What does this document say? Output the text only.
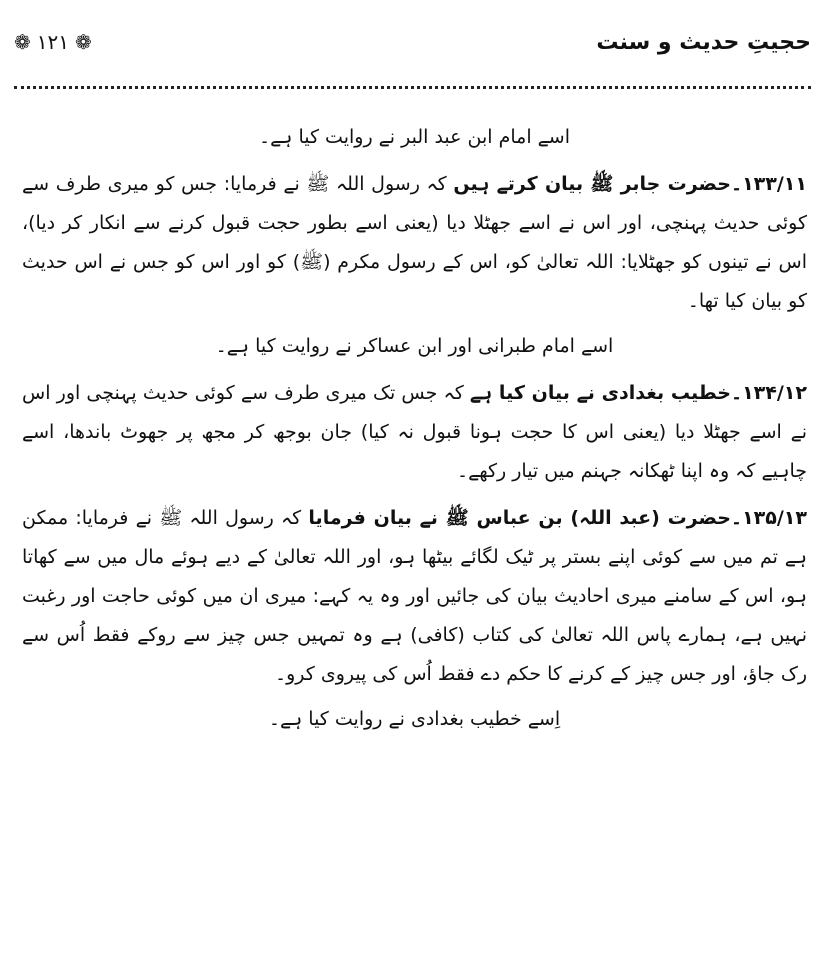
حجیتِ حدیث و سنت
❁ ۱۲۱ ❁

اسے امام ابن عبد البر نے روایت کیا ہے۔

۱۳۳/۱۱۔حضرت جابر ﷺ بیان کرتے ہیں کہ رسول اللہ ﷺ نے فرمایا: جس کو میری طرف سے کوئی حدیث پہنچی، اور اس نے اسے جھٹلا دیا (یعنی اسے بطور حجت قبول کرنے سے انکار کر دیا)، اس نے تینوں کو جھٹلایا: اللہ تعالیٰ کو، اس کے رسول مکرم (ﷺ) کو اور اس کو جس نے اس حدیث کو بیان کیا تھا۔

اسے امام طبرانی اور ابن عساکر نے روایت کیا ہے۔

۱۳۴/۱۲۔خطیب بغدادی نے بیان کیا ہے کہ جس تک میری طرف سے کوئی حدیث پہنچی اور اس نے اسے جھٹلا دیا (یعنی اس کا حجت ہونا قبول نہ کیا) جان بوجھ کر مجھ پر جھوٹ باندھا، اسے چاہیے کہ وہ اپنا ٹھکانہ جہنم میں تیار رکھے۔

۱۳۵/۱۳۔حضرت (عبد اللہ) بن عباس ﷺ نے بیان فرمایا کہ رسول اللہ ﷺ نے فرمایا: ممکن ہے تم میں سے کوئی اپنے بستر پر ٹیک لگائے بیٹھا ہو، اور اللہ تعالیٰ کے دیے ہوئے مال میں سے کھاتا ہو، اس کے سامنے میری احادیث بیان کی جائیں اور وہ یہ کہے: میری ان میں کوئی حاجت اور رغبت نہیں ہے، ہمارے پاس اللہ تعالیٰ کی کتاب (کافی) ہے وہ تمہیں جس چیز سے روکے فقط اُس سے رک جاؤ، اور جس چیز کے کرنے کا حکم دے فقط اُس کی پیروی کرو۔

اِسے خطیب بغدادی نے روایت کیا ہے۔
